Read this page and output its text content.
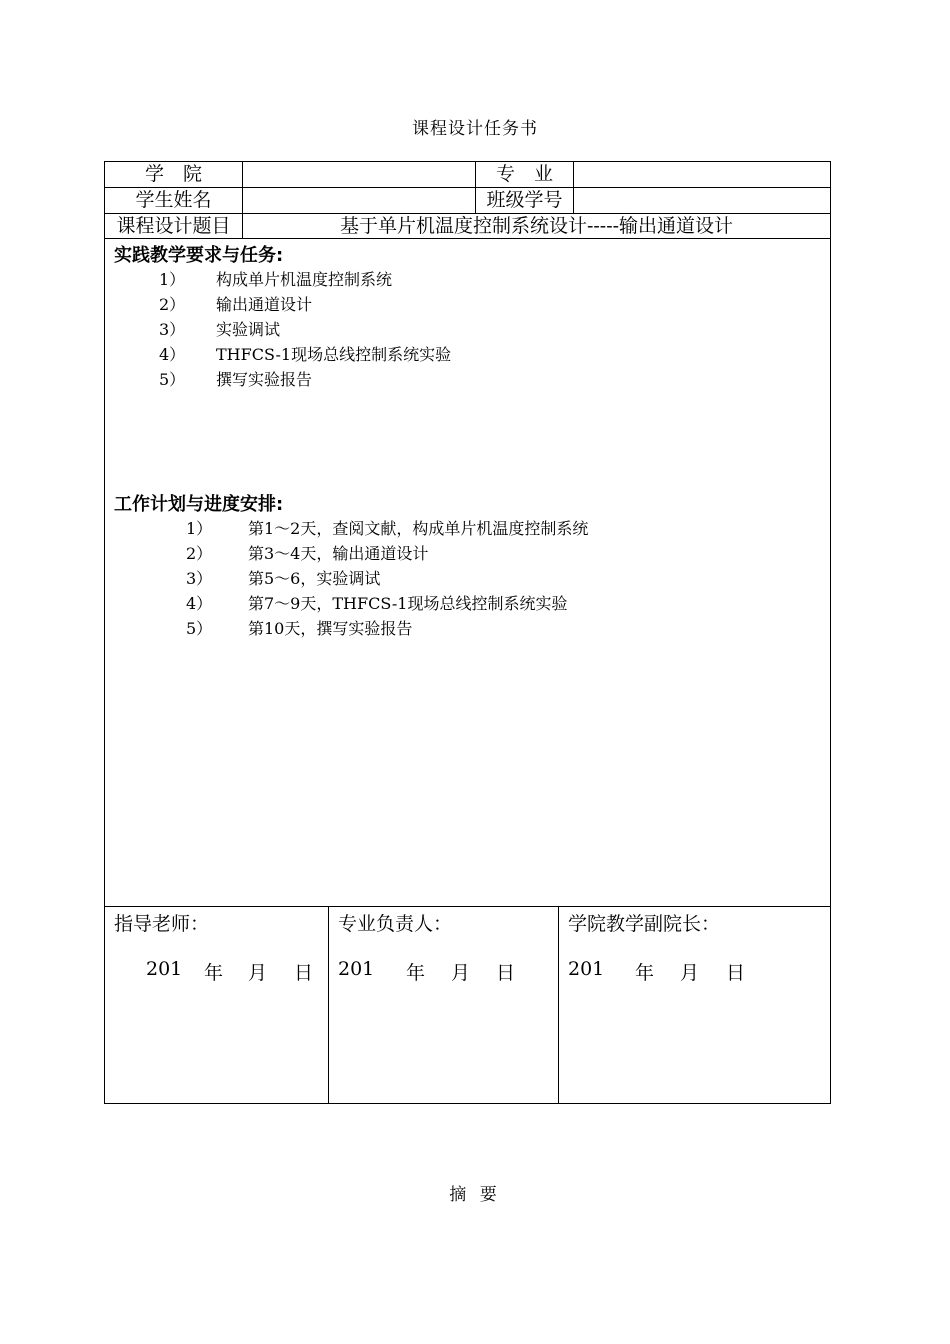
课程设计任务书
学　院	专　业
学生姓名	班级学号
课程设计题目	基于单片机温度控制系统设计-----输出通道设计
实践教学要求与任务:
1） 构成单片机温度控制系统
2） 输出通道设计
3） 实验调试
4） THFCS-1现场总线控制系统实验
5） 撰写实验报告
工作计划与进度安排:
1） 第1～2天，查阅文献，构成单片机温度控制系统
2） 第3～4天，输出通道设计
3） 第5～6，实验调试
4） 第7～9天，THFCS-1现场总线控制系统实验
5） 第10天，撰写实验报告
指导老师：
201 年 月 日
专业负责人：
201 年 月 日
学院教学副院长：
201 年 月 日
摘 要
